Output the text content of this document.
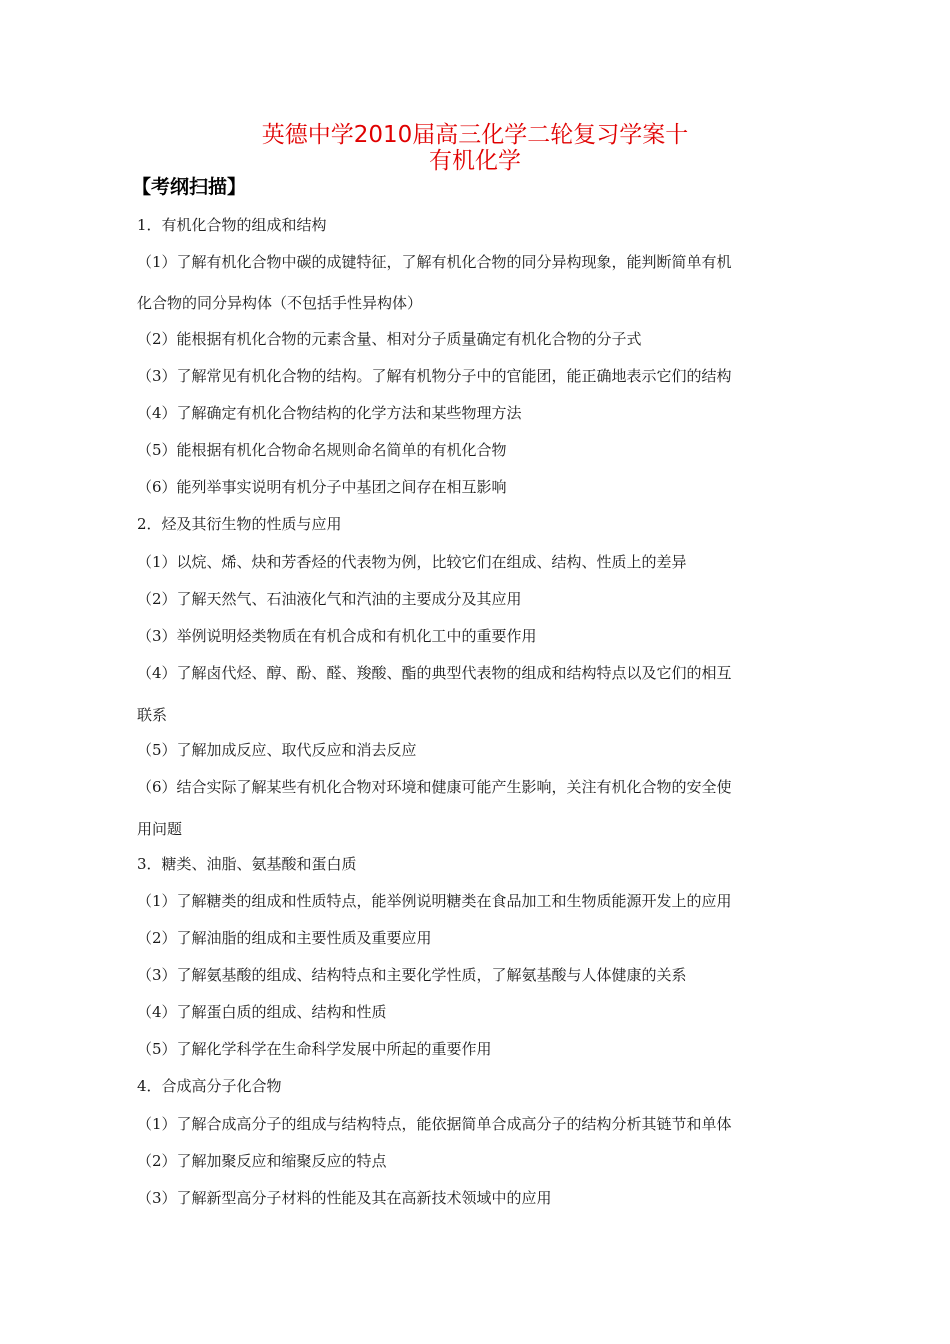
英德中学2010届高三化学二轮复习学案十
有机化学
【考纲扫描】
1．有机化合物的组成和结构
（1）了解有机化合物中碳的成键特征，了解有机化合物的同分异构现象，能判断简单有机
化合物的同分异构体（不包括手性异构体）
（2）能根据有机化合物的元素含量、相对分子质量确定有机化合物的分子式
（3）了解常见有机化合物的结构。了解有机物分子中的官能团，能正确地表示它们的结构
（4）了解确定有机化合物结构的化学方法和某些物理方法
（5）能根据有机化合物命名规则命名简单的有机化合物
（6）能列举事实说明有机分子中基团之间存在相互影响
2．烃及其衍生物的性质与应用
（1）以烷、烯、炔和芳香烃的代表物为例，比较它们在组成、结构、性质上的差异
（2）了解天然气、石油液化气和汽油的主要成分及其应用
（3）举例说明烃类物质在有机合成和有机化工中的重要作用
（4）了解卤代烃、醇、酚、醛、羧酸、酯的典型代表物的组成和结构特点以及它们的相互
联系
（5）了解加成反应、取代反应和消去反应
（6）结合实际了解某些有机化合物对环境和健康可能产生影响，关注有机化合物的安全使
用问题
3．糖类、油脂、氨基酸和蛋白质
（1）了解糖类的组成和性质特点，能举例说明糖类在食品加工和生物质能源开发上的应用
（2）了解油脂的组成和主要性质及重要应用
（3）了解氨基酸的组成、结构特点和主要化学性质，了解氨基酸与人体健康的关系
（4）了解蛋白质的组成、结构和性质
（5）了解化学科学在生命科学发展中所起的重要作用
4．合成高分子化合物
（1）了解合成高分子的组成与结构特点，能依据简单合成高分子的结构分析其链节和单体
（2）了解加聚反应和缩聚反应的特点
（3）了解新型高分子材料的性能及其在高新技术领域中的应用
